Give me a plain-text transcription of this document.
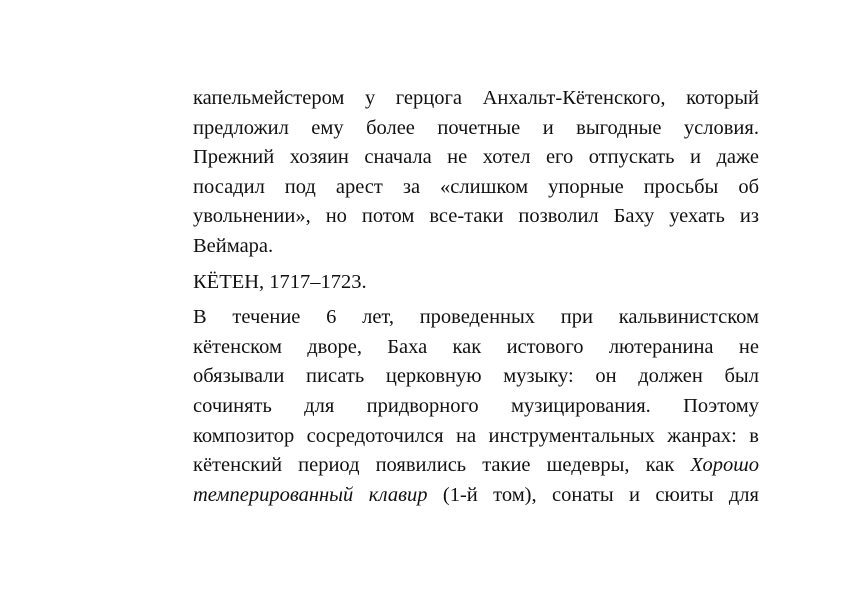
капельмейстером у герцога Анхальт-Кётенского, который
предложил ему более почетные и выгодные условия.
Прежний хозяин сначала не хотел его отпускать и даже
посадил под арест за «слишком упорные просьбы об
увольнении», но потом все-таки позволил Баху уехать из
Веймара.
КЁТЕН, 1717–1723.
В течение 6 лет, проведенных при кальвинистском
кётенском дворе, Баха как истового лютеранина не
обязывали писать церковную музыку: он должен был
сочинять для придворного музицирования. Поэтому
композитор сосредоточился на инструментальных жанрах: в
кётенский период появились такие шедевры, как Хорошо
темперированный клавир (1-й том), сонаты и сюиты для
